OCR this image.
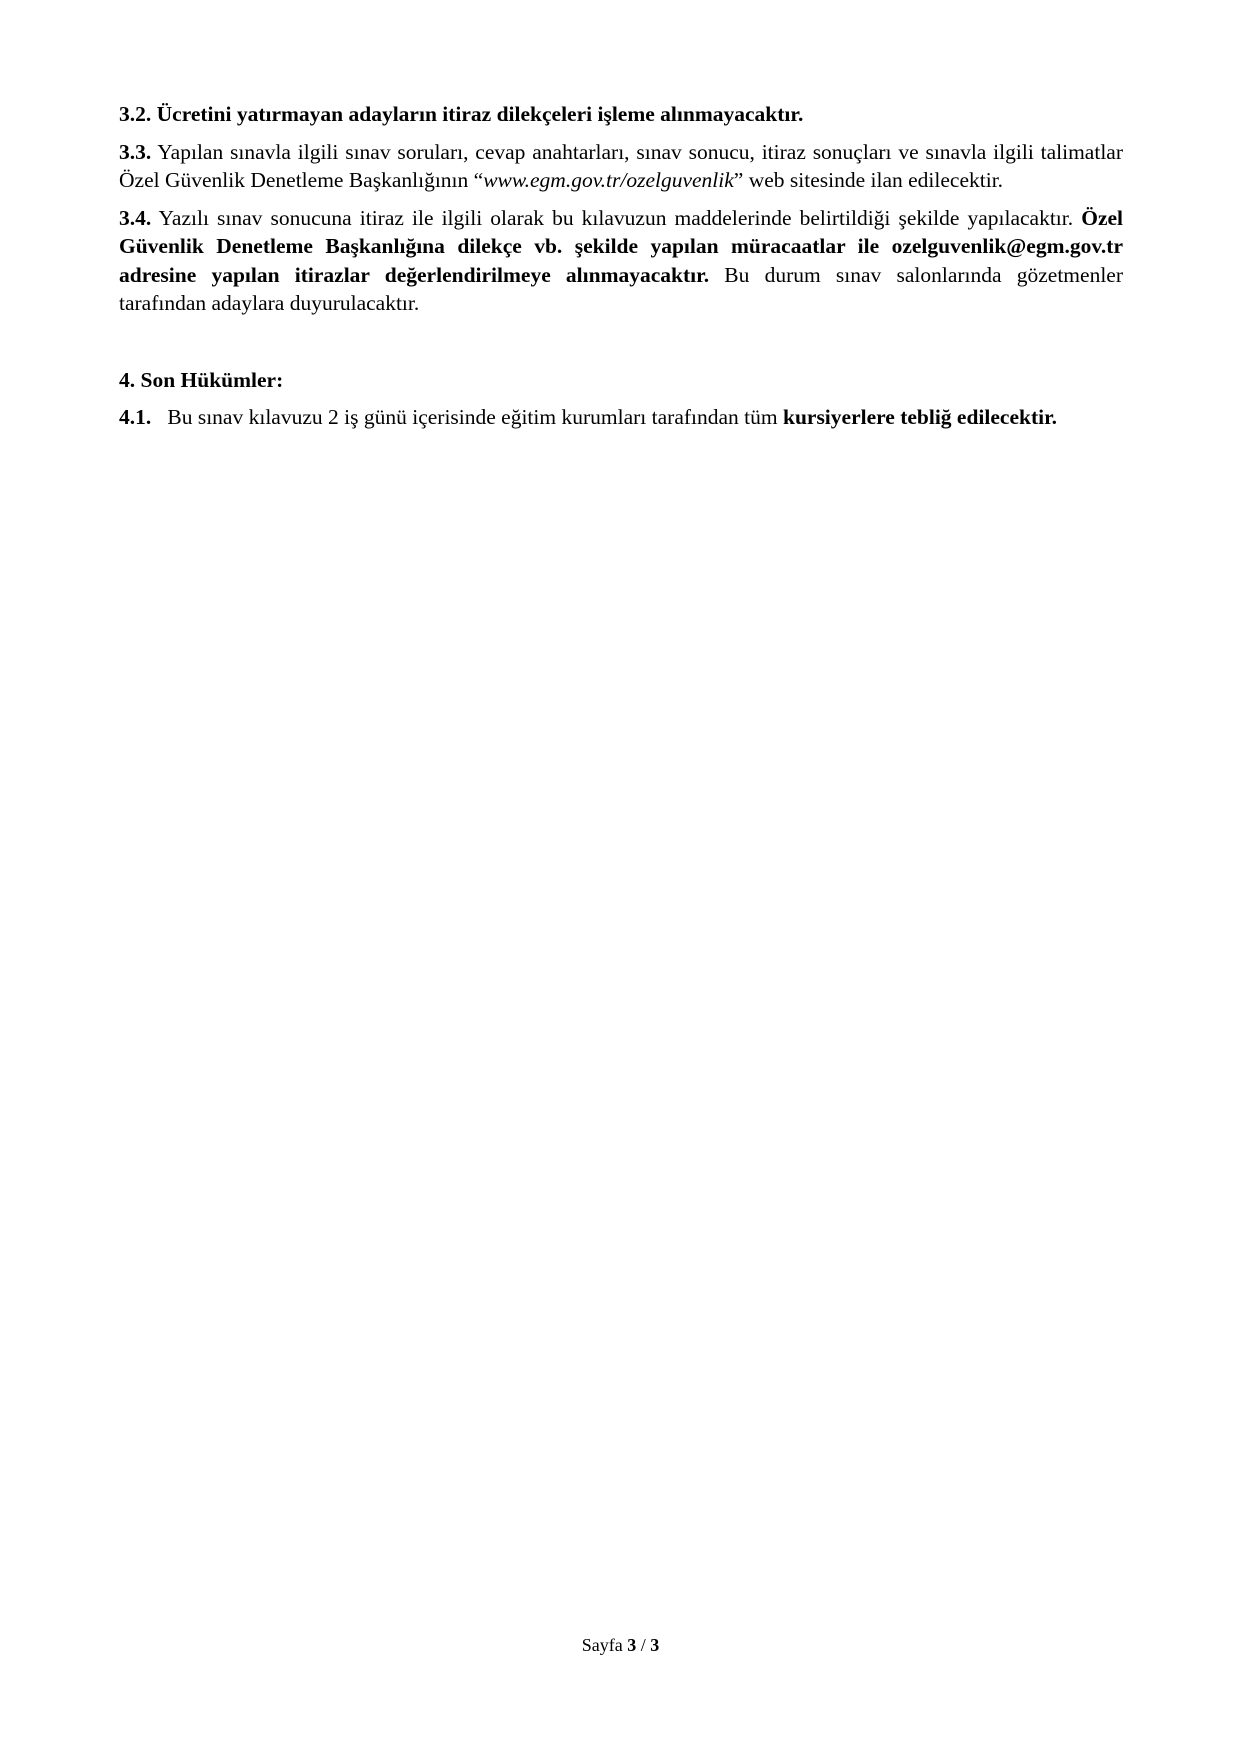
3.2. Ücretini yatırmayan adayların itiraz dilekçeleri işleme alınmayacaktır.

3.3. Yapılan sınavla ilgili sınav soruları, cevap anahtarları, sınav sonucu, itiraz sonuçları ve sınavla ilgili talimatlar Özel Güvenlik Denetleme Başkanlığının “www.egm.gov.tr/ozelguvenlik” web sitesinde ilan edilecektir.

3.4. Yazılı sınav sonucuna itiraz ile ilgili olarak bu kılavuzun maddelerinde belirtildiği şekilde yapılacaktır. Özel Güvenlik Denetleme Başkanlığına dilekçe vb. şekilde yapılan müracaatlar ile ozelguvenlik@egm.gov.tr adresine yapılan itirazlar değerlendirilmeye alınmayacaktır. Bu durum sınav salonlarında gözetmenler tarafından adaylara duyurulacaktır.

4. Son Hükümler:

4.1. Bu sınav kılavuzu 2 iş günü içerisinde eğitim kurumları tarafından tüm kursiyerlere tebliğ edilecektir.

Sayfa 3 / 3
